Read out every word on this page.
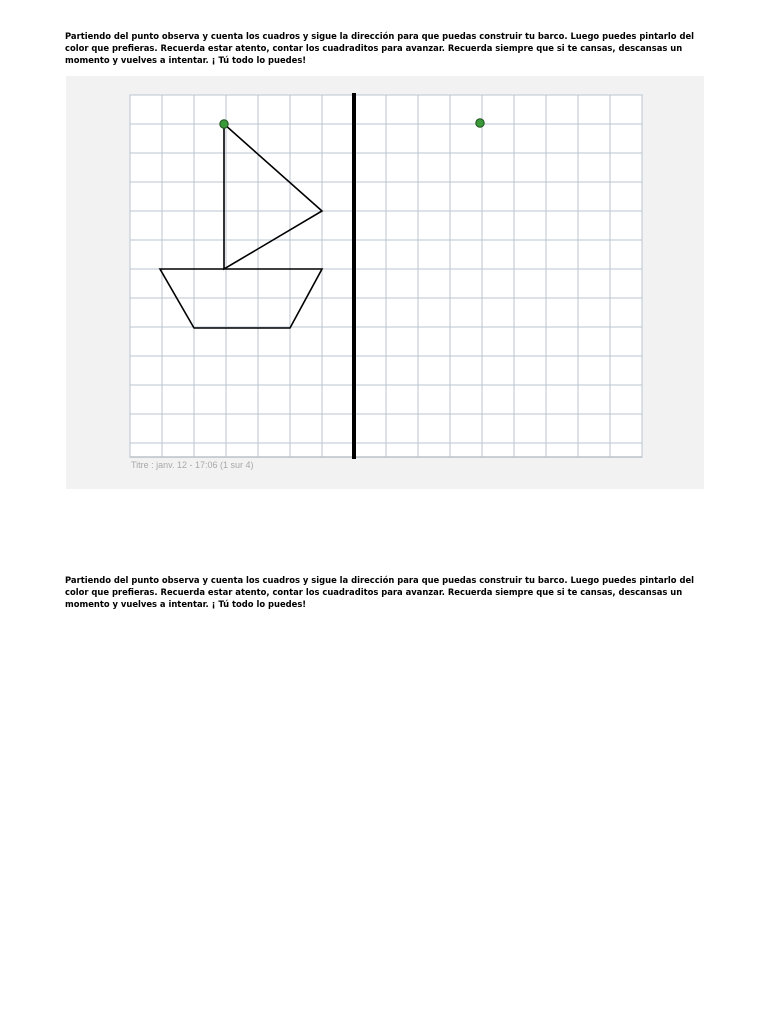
Partiendo del punto observa y cuenta los cuadros y sigue la dirección para que puedas construir tu barco. Luego puedes pintarlo del color que prefieras. Recuerda estar atento, contar los cuadraditos para avanzar. Recuerda siempre que si te cansas, descansas un momento y vuelves a intentar. ¡ Tú todo lo puedes!

Titre : janv. 12 - 17:06 (1 sur 4)

Partiendo del punto observa y cuenta los cuadros y sigue la dirección para que puedas construir tu barco. Luego puedes pintarlo del color que prefieras. Recuerda estar atento, contar los cuadraditos para avanzar. Recuerda siempre que si te cansas, descansas un momento y vuelves a intentar. ¡ Tú todo lo puedes!
